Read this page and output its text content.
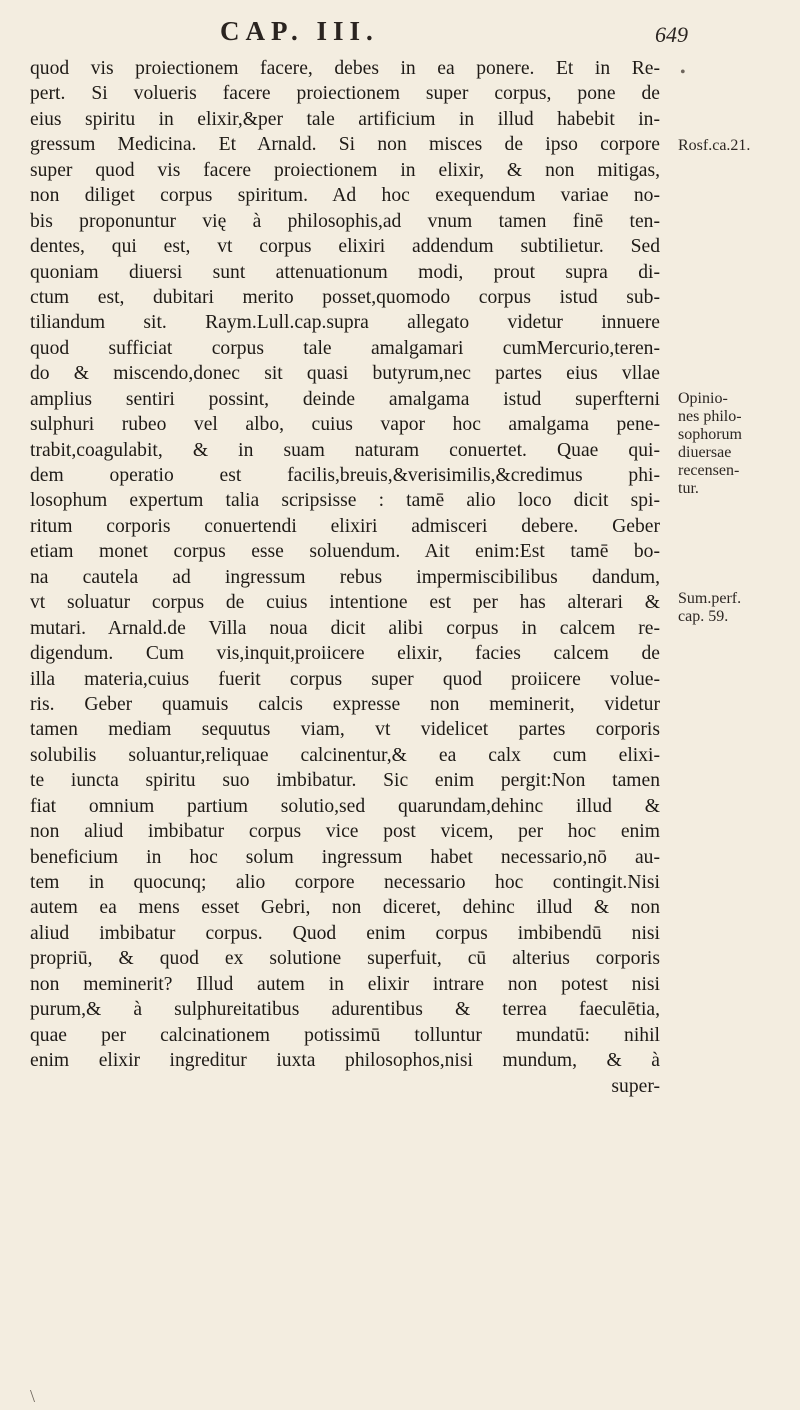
CAP. III.	649
•
quod vis proiectionem facere, debes in ea ponere. Et in Re-
pert. Si volueris facere proiectionem super corpus, pone de
eius spiritu in elixir,&per tale artificium in illud habebit in-
gressum Medicina. Et Arnald. Si non misces de ipso corpore
super quod vis facere proiectionem in elixir, & non mitigas,
non diliget corpus spiritum. Ad hoc exequendum variae no-
bis proponuntur vię à philosophis,ad vnum tamen finē ten-
dentes, qui est, vt corpus elixiri addendum subtilietur. Sed
quoniam diuersi sunt attenuationum modi, prout supra di-
ctum est, dubitari merito posset,quomodo corpus istud sub-
tiliandum sit. Raym.Lull.cap.supra allegato videtur innuere
quod sufficiat corpus tale amalgamari cumMercurio,teren-
do & miscendo,donec sit quasi butyrum,nec partes eius vllae
amplius sentiri possint, deinde amalgama istud superfterni
sulphuri rubeo vel albo, cuius vapor hoc amalgama pene-
trabit,coagulabit, & in suam naturam conuertet. Quae qui-
dem operatio est facilis,breuis,&verisimilis,&credimus phi-
losophum expertum talia scripsisse : tamē alio loco dicit spi-
ritum corporis conuertendi elixiri admisceri debere. Geber
etiam monet corpus esse soluendum. Ait enim:Est tamē bo-
na cautela ad ingressum rebus impermiscibilibus dandum,
vt soluatur corpus de cuius intentione est per has alterari &
mutari. Arnald.de Villa noua dicit alibi corpus in calcem re-
digendum. Cum vis,inquit,proiicere elixir, facies calcem de
illa materia,cuius fuerit corpus super quod proiicere volue-
ris. Geber quamuis calcis expresse non meminerit, videtur
tamen mediam sequutus viam, vt videlicet partes corporis
solubilis soluantur,reliquae calcinentur,& ea calx cum elixi-
te iuncta spiritu suo imbibatur. Sic enim pergit:Non tamen
fiat omnium partium solutio,sed quarundam,dehinc illud &
non aliud imbibatur corpus vice post vicem, per hoc enim
beneficium in hoc solum ingressum habet necessario,nō au-
tem in quocunq; alio corpore necessario hoc contingit.Nisi
autem ea mens esset Gebri, non diceret, dehinc illud & non
aliud imbibatur corpus. Quod enim corpus imbibendū nisi
propriū, & quod ex solutione superfuit, cū alterius corporis
non meminerit? Illud autem in elixir intrare non potest nisi
purum,& à sulphureitatibus adurentibus & terrea faeculētia,
quae per calcinationem potissimū tolluntur mundatū: nihil
enim elixir ingreditur iuxta philosophos,nisi mundum, & à
super-
Rosf.ca.21.
Opinio-
nes philo-
sophorum
diuersae
recensen-
tur.
Sum.perf.
cap. 59.
\
